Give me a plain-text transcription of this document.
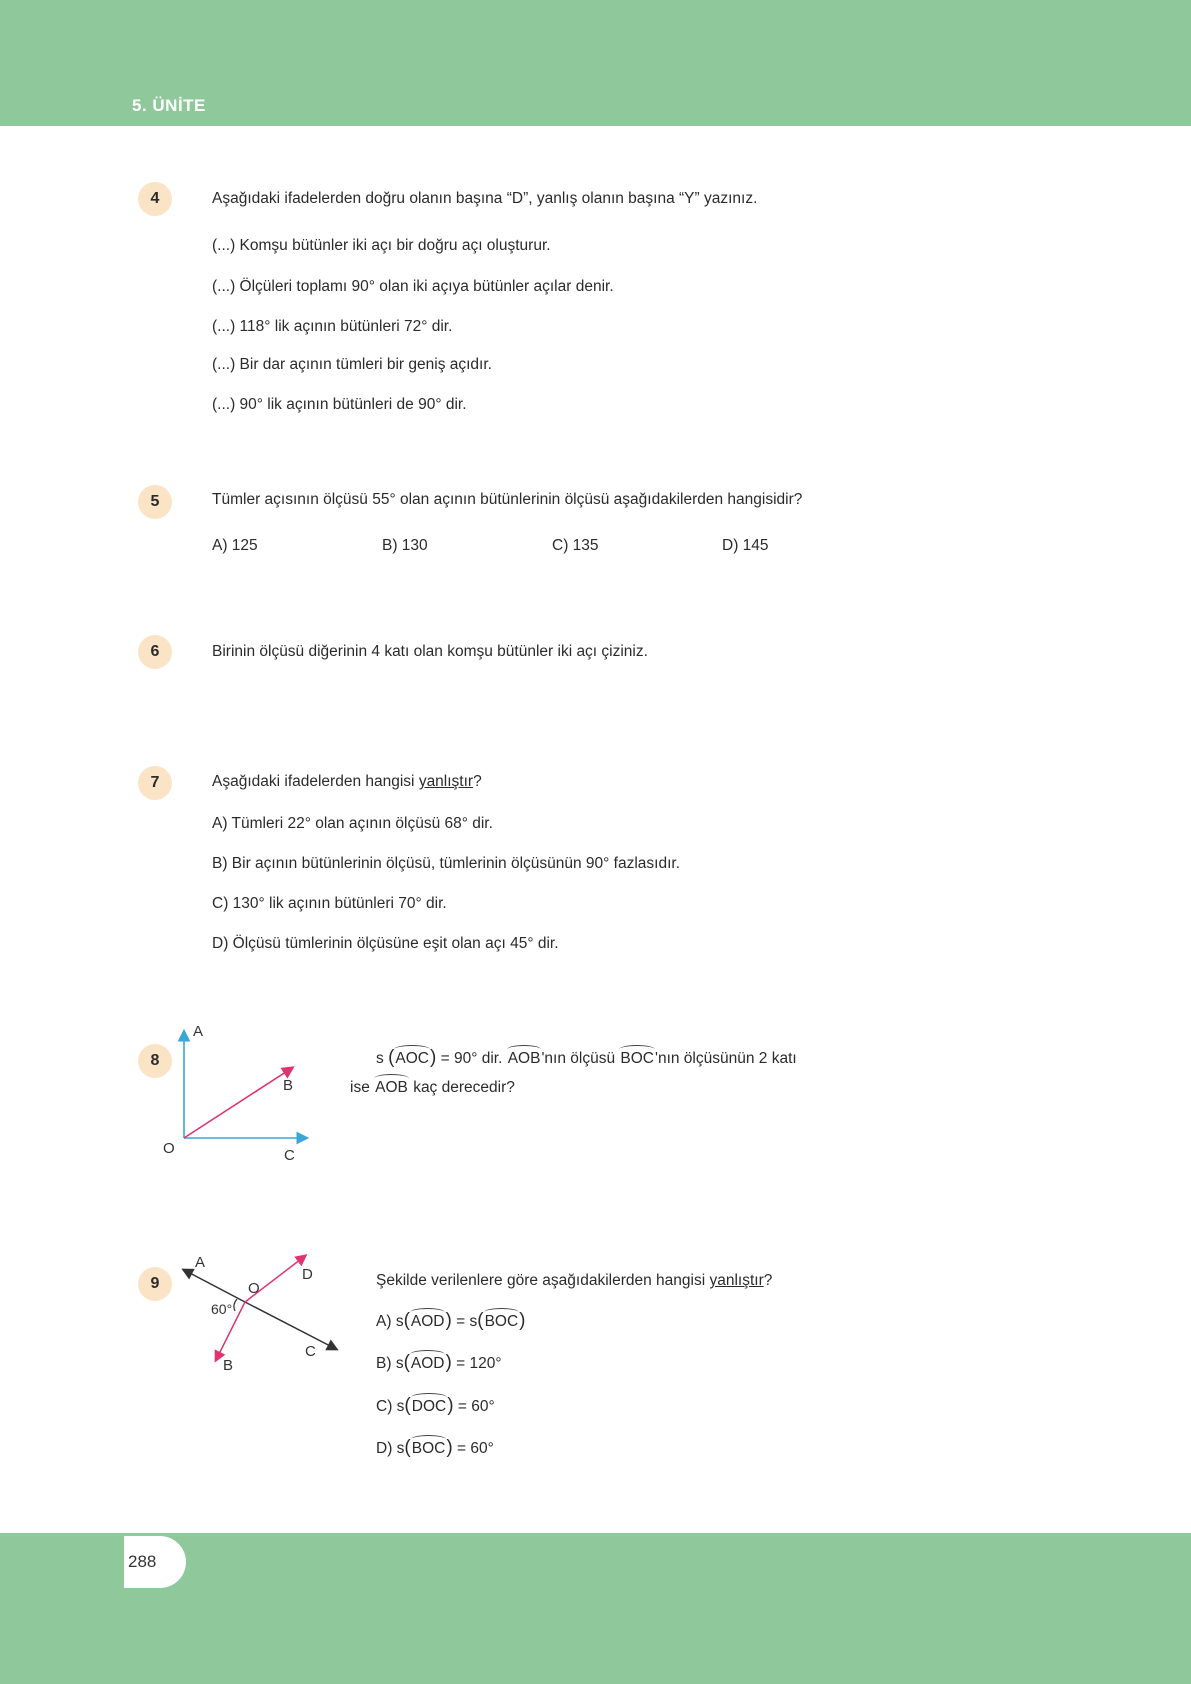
5. ÜNİTE
4	Aşağıdaki ifadelerden doğru olanın başına “D”, yanlış olanın başına “Y” yazınız.
(...) Komşu bütünler iki açı bir doğru açı oluşturur.
(...) Ölçüleri toplamı 90° olan iki açıya bütünler açılar denir.
(...) 118° lik açının bütünleri 72° dir.
(...) Bir dar açının tümleri bir geniş açıdır.
(...) 90° lik açının bütünleri de 90° dir.
5	Tümler açısının ölçüsü 55° olan açının bütünlerinin ölçüsü aşağıdakilerden hangisidir?
A) 125	B) 130	C) 135	D) 145
6	Birinin ölçüsü diğerinin 4 katı olan komşu bütünler iki açı çiziniz.
7	Aşağıdaki ifadelerden hangisi yanlıştır?
A) Tümleri 22° olan açının ölçüsü 68° dir.
B) Bir açının bütünlerinin ölçüsü, tümlerinin ölçüsünün 90° fazlasıdır.
C) 130° lik açının bütünleri 70° dir.
D) Ölçüsü tümlerinin ölçüsüne eşit olan açı 45° dir.
8
A
B
O	C
s (AOC) = 90° dir. AOB'nın ölçüsü BOC'nın ölçüsünün 2 katı
ise AOB kaç derecedir?
9
A
D
O
60°
C
B
Şekilde verilenlere göre aşağıdakilerden hangisi yanlıştır?
A) s(AOD) = s(BOC)
B) s(AOD) = 120°
C) s(DOC) = 60°
D) s(BOC) = 60°
288
